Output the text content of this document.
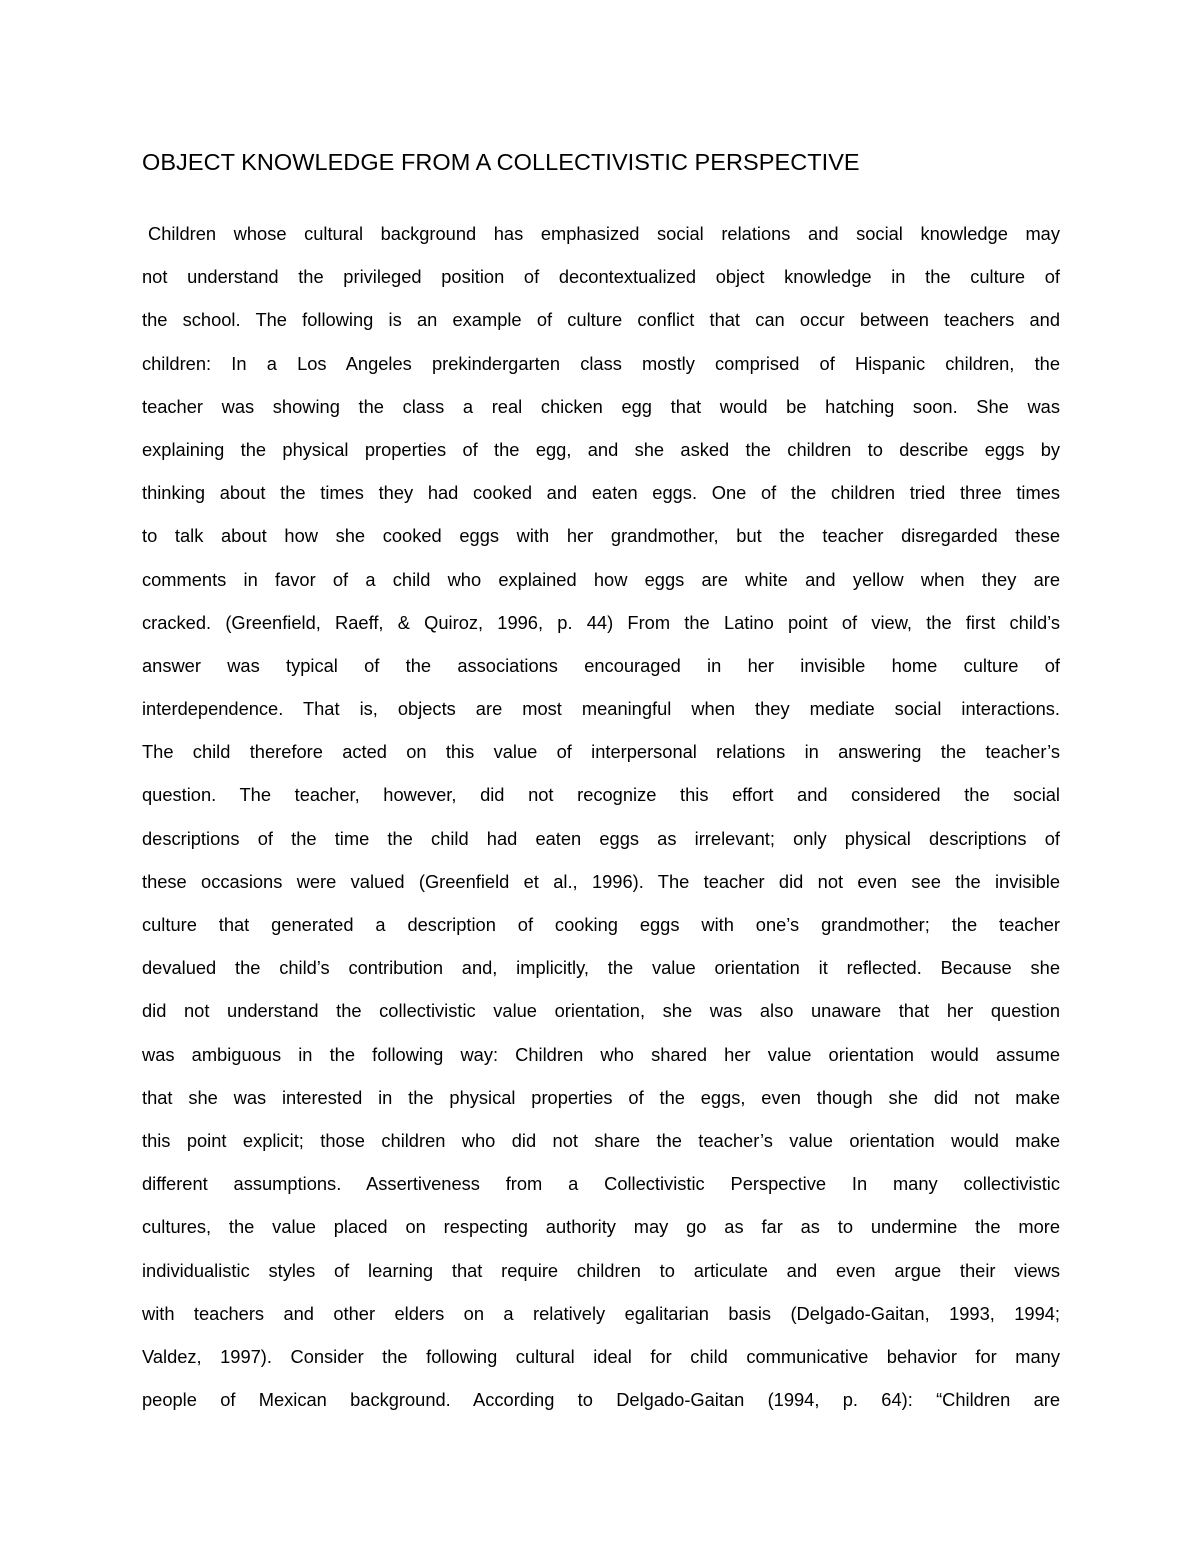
OBJECT KNOWLEDGE FROM A COLLECTIVISTIC PERSPECTIVE
Children whose cultural background has emphasized social relations and social knowledge may
not understand the privileged position of decontextualized object knowledge in the culture of
the school. The following is an example of culture conflict that can occur between teachers and
children: In a Los Angeles prekindergarten class mostly comprised of Hispanic children, the
teacher was showing the class a real chicken egg that would be hatching soon. She was
explaining the physical properties of the egg, and she asked the children to describe eggs by
thinking about the times they had cooked and eaten eggs. One of the children tried three times
to talk about how she cooked eggs with her grandmother, but the teacher disregarded these
comments in favor of a child who explained how eggs are white and yellow when they are
cracked. (Greenfield, Raeff, & Quiroz, 1996, p. 44) From the Latino point of view, the first child’s
answer was typical of the associations encouraged in her invisible home culture of
interdependence. That is, objects are most meaningful when they mediate social interactions.
The child therefore acted on this value of interpersonal relations in answering the teacher’s
question. The teacher, however, did not recognize this effort and considered the social
descriptions of the time the child had eaten eggs as irrelevant; only physical descriptions of
these occasions were valued (Greenfield et al., 1996). The teacher did not even see the invisible
culture that generated a description of cooking eggs with one’s grandmother; the teacher
devalued the child’s contribution and, implicitly, the value orientation it reflected. Because she
did not understand the collectivistic value orientation, she was also unaware that her question
was ambiguous in the following way: Children who shared her value orientation would assume
that she was interested in the physical properties of the eggs, even though she did not make
this point explicit; those children who did not share the teacher’s value orientation would make
different assumptions. Assertiveness from a Collectivistic Perspective In many collectivistic
cultures, the value placed on respecting authority may go as far as to undermine the more
individualistic styles of learning that require children to articulate and even argue their views
with teachers and other elders on a relatively egalitarian basis (Delgado-Gaitan, 1993, 1994;
Valdez, 1997). Consider the following cultural ideal for child communicative behavior for many
people of Mexican background. According to Delgado-Gaitan (1994, p. 64): “Children are
